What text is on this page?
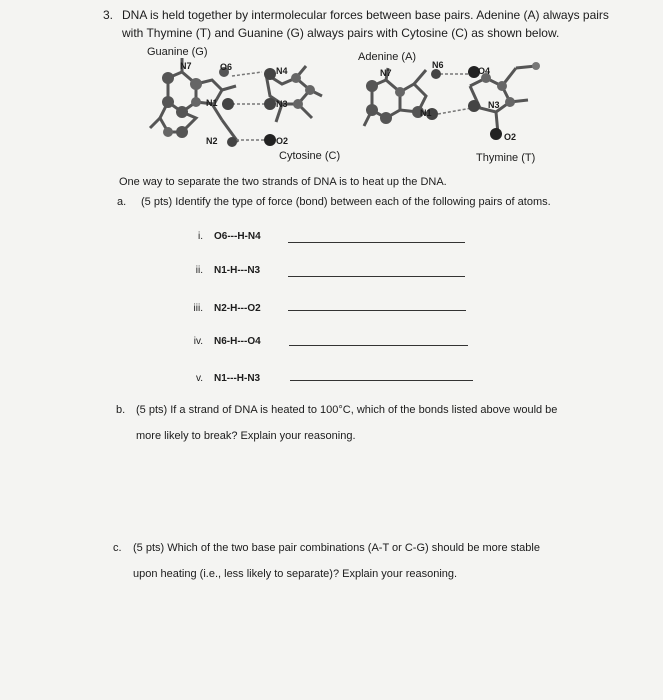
3. DNA is held together by intermolecular forces between base pairs. Adenine (A) always pairs
with Thymine (T) and Guanine (G) always pairs with Cytosine (C) as shown below.
Guanine (G)	Adenine (A)
Cytosine (C)	Thymine (T)
N7	O6	N4
N1	N3
N2	O2
N7
N6
O4
N1
N3
O2
One way to separate the two strands of DNA is to heat up the DNA.
a. (5 pts) Identify the type of force (bond) between each of the following pairs of atoms.
i. O6---H-N4
ii. N1-H---N3
iii. N2-H---O2
iv. N6-H---O4
v. N1---H-N3
b. (5 pts) If a strand of DNA is heated to 100°C, which of the bonds listed above would be
more likely to break? Explain your reasoning.
c. (5 pts) Which of the two base pair combinations (A-T or C-G) should be more stable
upon heating (i.e., less likely to separate)? Explain your reasoning.
